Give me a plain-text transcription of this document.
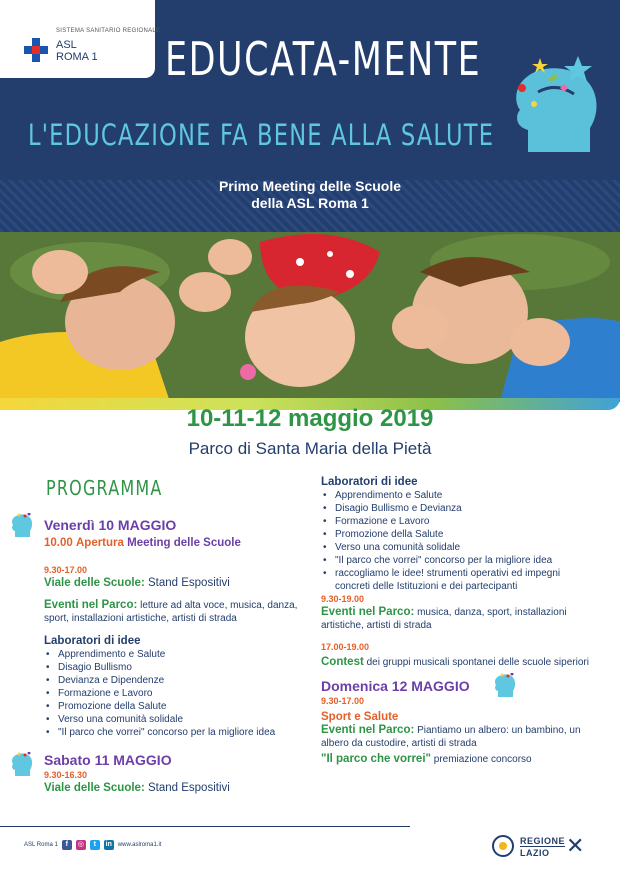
SISTEMA SANITARIO REGIONALE
ASL
ROMA 1 EDUCATA-MENTE
L'EDUCAZIONE FA BENE ALLA SALUTE
Primo Meeting delle Scuole
della ASL Roma 1
10-11-12 maggio 2019
Parco di Santa Maria della Pietà
PROGRAMMA
Venerdì 10 MAGGIO
10.00 Apertura Meeting delle Scuole
9.30-17.00
Viale delle Scuole: Stand Espositivi
Eventi nel Parco: letture ad alta voce, musica, danza, sport, installazioni artistiche, artisti di strada
Laboratori di idee
• Apprendimento e Salute
• Disagio Bullismo
• Devianza e Dipendenze
• Formazione e Lavoro
• Promozione della Salute
• Verso una comunità solidale
• "Il parco che vorrei" concorso per la migliore idea
Sabato 11 MAGGIO
9.30-16.30
Viale delle Scuole: Stand Espositivi
Laboratori di idee
• Apprendimento e Salute
• Disagio Bullismo e Devianza
• Formazione e Lavoro
• Promozione della Salute
• Verso una comunità solidale
• "Il parco che vorrei" concorso per la migliore idea
• raccogliamo le idee! strumenti operativi ed impegni concreti delle Istituzioni e dei partecipanti
9.30-19.00
Eventi nel Parco: musica, danza, sport, installazioni artistiche, artisti di strada
17.00-19.00
Contest dei gruppi musicali spontanei delle scuole siperiori
Domenica 12 MAGGIO
9.30-17.00
Sport e Salute
Eventi nel Parco: Piantiamo un albero: un bambino, un albero da custodire, artisti di strada
"Il parco che vorrei" premiazione concorso
ASL Roma 1	f	◎	t	in www.aslroma1.it	REGIONE
LAZIO ✕
